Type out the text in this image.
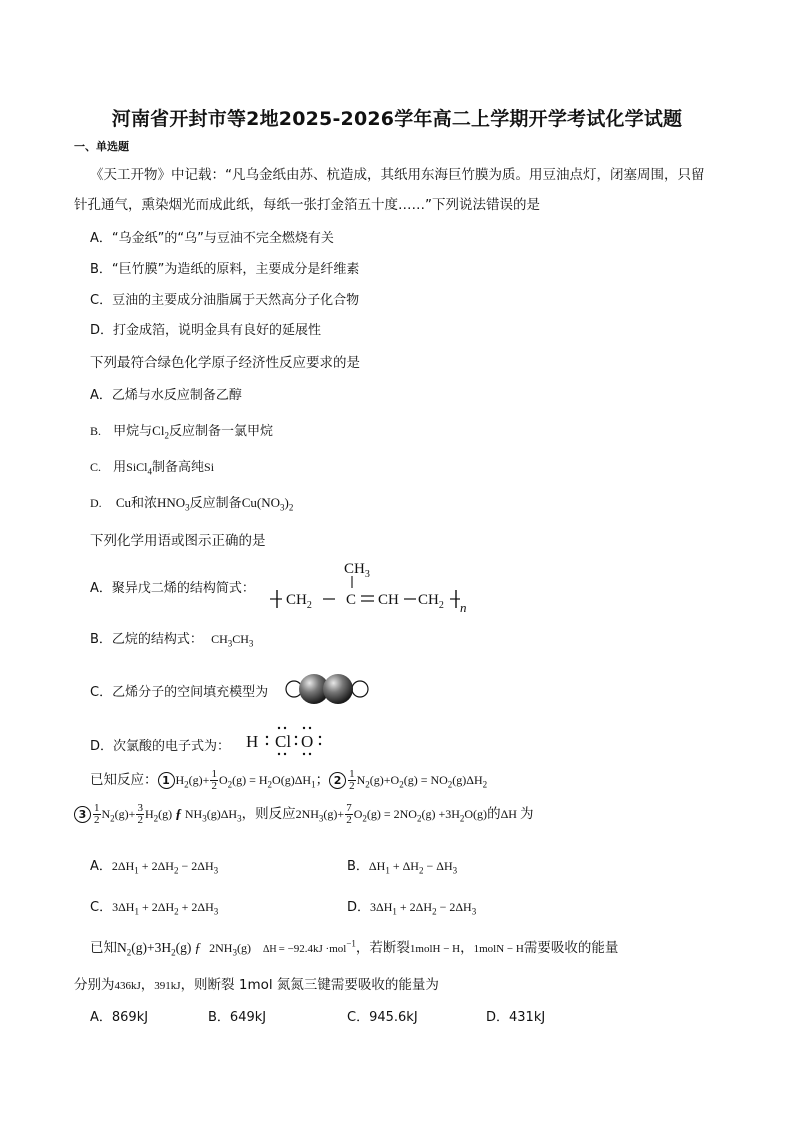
河南省开封市等2地2025-2026学年高二上学期开学考试化学试题
一、单选题
《天工开物》中记载：“凡乌金纸由苏、杭造成，其纸用东海巨竹膜为质。用豆油点灯，闭塞周围，只留
针孔通气，熏染烟光而成此纸，每纸一张打金箔五十度……”下列说法错误的是
A．“乌金纸”的“乌”与豆油不完全燃烧有关
B．“巨竹膜”为造纸的原料，主要成分是纤维素
C．豆油的主要成分油脂属于天然高分子化合物
D．打金成箔，说明金具有良好的延展性
下列最符合绿色化学原子经济性反应要求的是
A．乙烯与水反应制备乙醇
B. 甲烷与$Cl_2$反应制备一氯甲烷
C. 用SiCl$_4$制备高纯Si
D. Cu和浓$HNO_3$反应制备$Cu(NO_3)_2$
下列化学用语或图示正确的是
A．聚异戊二烯的结构简式：
$CH_3$
$CH_2$ C CH $CH_2$ n
B．乙烷的结构式： $CH_3CH_3$
C．乙烯分子的空间填充模型为
D．次氯酸的电子式为： H Cl O
已知反应： 1 $H_2(g)+ \frac{1}{2} O_2(g) = H_2O(g)\Delta H_1$； $2 \frac{1}{2} N_2(g)+O_2(g) = NO_2(g)\Delta H_2$
$3 \frac{1}{2} N_2(g)+ \frac{3}{2} H_2(g)$ ƒ $NH_3(g)\Delta H_3$，则反应$2NH_3(g)+ \frac{7}{2} O_2(g) = 2NO_2(g) +3H_2O(g)$的ΔH 为
A．$2\Delta H_1 + 2\Delta H_2 - 2\Delta H_3$	B．$\Delta H_1 + \Delta H_2 - \Delta H_3$
C．$3\Delta H_1 + 2\Delta H_2 + 2\Delta H_3$	D．$3\Delta H_1 + 2\Delta H_2 - 2\Delta H_3$
已知$N_2(g)+3H_2(g)$ ƒ $2NH_3(g) \Delta H = -92.4kJ \cdot mol^{-1}$，若断裂1molH − H，1molN − H需要吸收的能量
分别为436kJ，391kJ，则断裂 1mol 氮氮三键需要吸收的能量为
A．869kJ	B．649kJ	C．945.6kJ	D．431kJ
